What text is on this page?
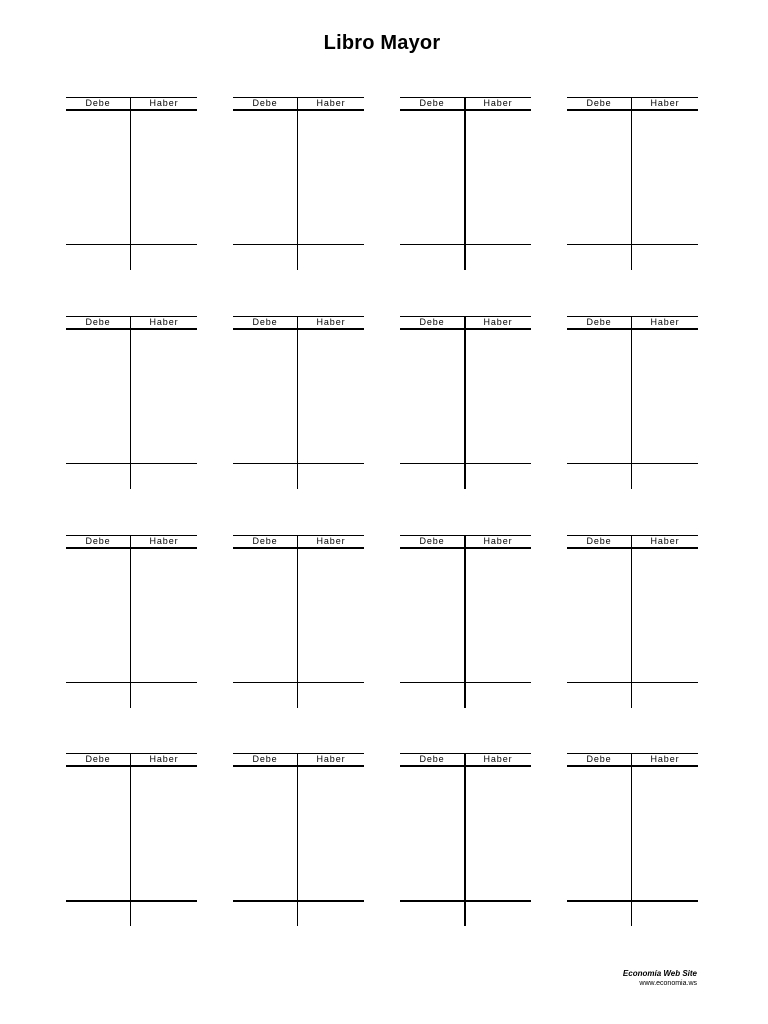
Libro Mayor
Debe	Haber	Debe	Haber	Debe	Haber	Debe	Haber
Debe	Haber	Debe	Haber	Debe	Haber	Debe	Haber
Debe	Haber	Debe	Haber	Debe	Haber	Debe	Haber
Debe	Haber	Debe	Haber	Debe	Haber	Debe	Haber
Economía Web Site
www.economia.ws
